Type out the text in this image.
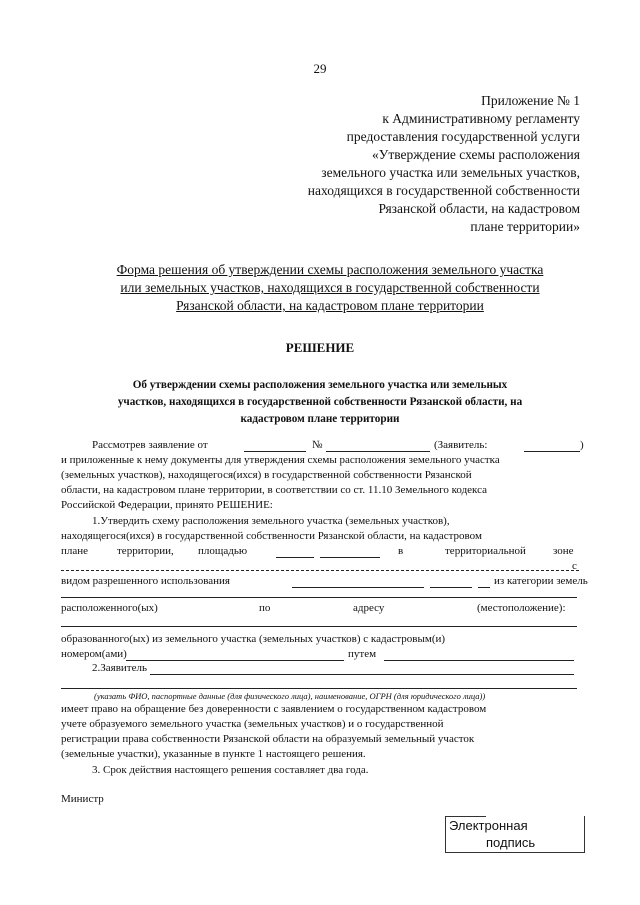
29
Приложение № 1
к Административному регламенту
предоставления государственной услуги
«Утверждение схемы расположения
земельного участка или земельных участков,
находящихся в государственной собственности
Рязанской области, на кадастровом
плане территории»
Форма решения об утверждении схемы расположения земельного участка
или земельных участков, находящихся в государственной собственности
Рязанской области, на кадастровом плане территории
РЕШЕНИЕ
Об утверждении схемы расположения земельного участка или земельных
участков, находящихся в государственной собственности Рязанской области, на
кадастровом плане территории
Рассмотрев заявление от	№	(Заявитель:	)
и приложенные к нему документы для утверждения схемы расположения земельного участка
(земельных участков), находящегося(ихся) в государственной собственности Рязанской
области, на кадастровом плане территории, в соответствии со ст. 11.10 Земельного кодекса
Российской Федерации, принято РЕШЕНИЕ:
1.Утвердить схему расположения земельного участка (земельных участков),
находящегося(ихся) в государственной собственности Рязанской области, на кадастровом
плане	территории, площадью	в	территориальной зоне
с
видом разрешенного использования	из категории земель
расположенного(ых)	по	адресу	(местоположение):
образованного(ых) из земельного участка (земельных участков) с кадастровым(и)
номером(ами)	путем
2.Заявитель
(указать ФИО, паспортные данные (для физического лица), наименование, ОГРН (для юридического лица))
имеет право на обращение без доверенности с заявлением о государственном кадастровом
учете образуемого земельного участка (земельных участков) и о государственной
регистрации права собственности Рязанской области на образуемый земельный участок
(земельные участки), указанные в пункте 1 настоящего решения.
3. Срок действия настоящего решения составляет два года.
Министр
Электронная
подпись
